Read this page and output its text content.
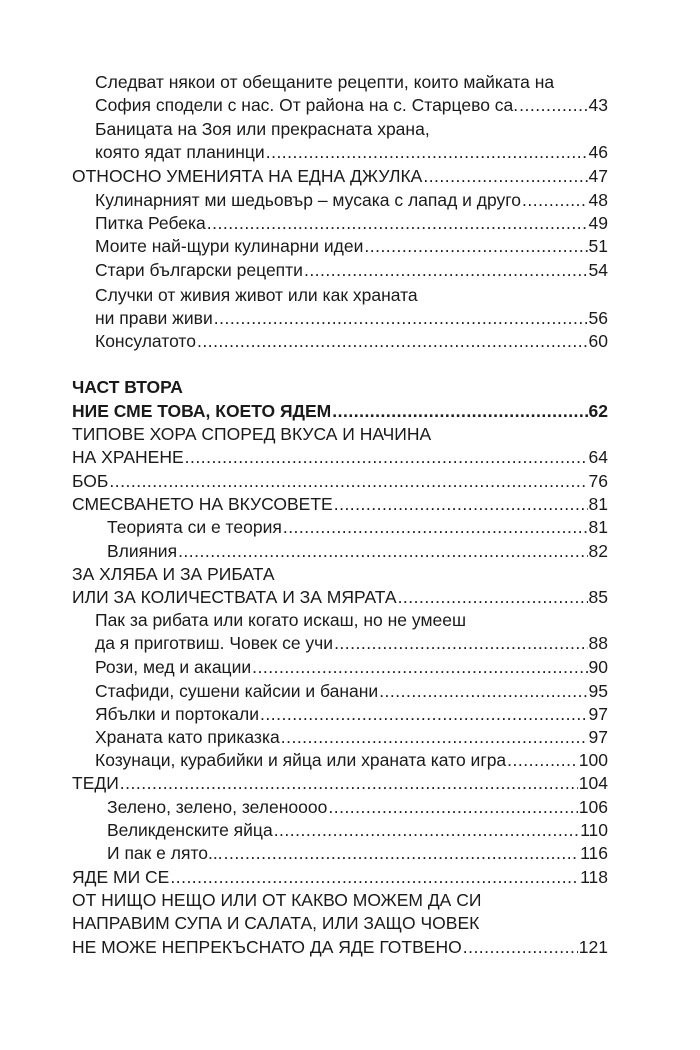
Следват някои от обещаните рецепти, които майката на
София сподели с нас. От района на с. Старцево са. .....	43
Баницата на Зоя или прекрасната храна,
която ядат планинци .....	46
ОТНОСНО УМЕНИЯТА НА ЕДНА ДЖУЛКА .....	47
Кулинарният ми шедьовър – мусака с лапад и друго .....	48
Питка Ребека .....	49
Моите най-щури кулинарни идеи .....	51
Стари български рецепти .....	54
Случки от живия живот или как храната
ни прави живи .....	56
Консулатото .....	60
ЧАСТ ВТОРА
НИЕ СМЕ ТОВА, КОЕТО ЯДЕМ .....	62
ТИПОВЕ ХОРА СПОРЕД ВКУСА И НАЧИНА
НА ХРАНЕНЕ .....	64
БОБ .....	76
СМЕСВАНЕТО НА ВКУСОВЕТЕ .....	81
Теорията си е теория .....	81
Влияния .....	82
ЗА ХЛЯБА И ЗА РИБАТА
ИЛИ ЗА КОЛИЧЕСТВАТА И ЗА МЯРАТА .....	85
Пак за рибата или когато искаш, но не умееш
да я приготвиш. Човек се учи .....	88
Рози, мед и акации .....	90
Стафиди, сушени кайсии и банани .....	95
Ябълки и портокали .....	97
Храната като приказка .....	97
Козунаци, курабийки и яйца или храната като игра .....	100
ТЕДИ .....	104
Зелено, зелено, зеленоооо .....	106
Великденските яйца .....	110
И пак е лято... .....	116
ЯДЕ МИ СЕ .....	118
ОТ НИЩО НЕЩО ИЛИ ОТ КАКВО МОЖЕМ ДА СИ
НАПРАВИМ СУПА И САЛАТА, ИЛИ ЗАЩО ЧОВЕК
НЕ МОЖЕ НЕПРЕКЪСНАТО ДА ЯДЕ ГОТВЕНО .....	121
